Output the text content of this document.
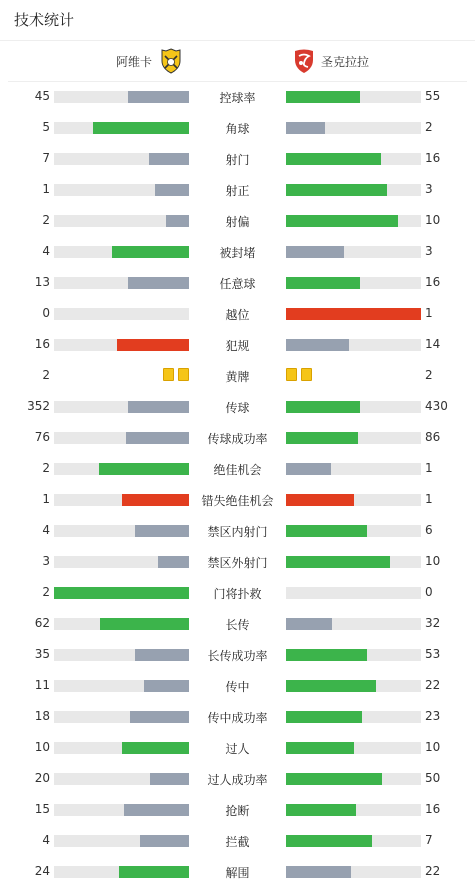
技术统计
阿维卡	圣克拉拉
45	控球率	55
5	角球	2
7	射门	16
1	射正	3
2	射偏	10
4	被封堵	3
13	任意球	16
0	越位	1
16	犯规	14
2	黄牌	2
352	传球	430
76	传球成功率	86
2	绝佳机会	1
1	错失绝佳机会	1
4	禁区内射门	6
3	禁区外射门	10
2	门将扑救	0
62	长传	32
35	长传成功率	53
11	传中	22
18	传中成功率	23
10	过人	10
20	过人成功率	50
15	抢断	16
4	拦截	7
24	解围	22
